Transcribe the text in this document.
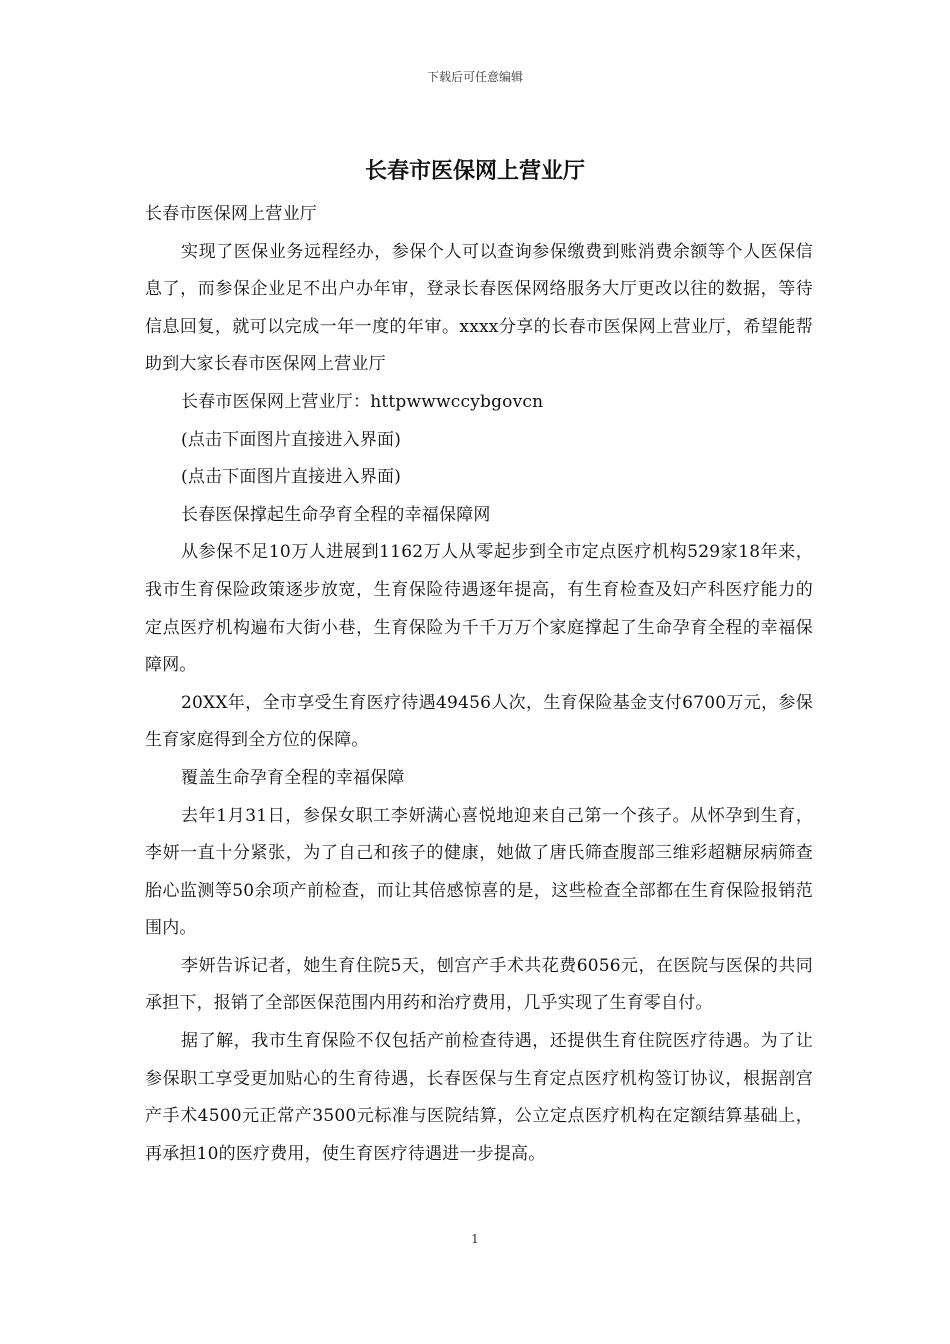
下载后可任意编辑
长春市医保网上营业厅

长春市医保网上营业厅

实现了医保业务远程经办，参保个人可以查询参保缴费到账消费余额等个人医保信息了，而参保企业足不出户办年审，登录长春医保网络服务大厅更改以往的数据，等待信息回复，就可以完成一年一度的年审。xxxx分享的长春市医保网上营业厅，希望能帮助到大家长春市医保网上营业厅

长春市医保网上营业厅：httpwwwccybgovcn

(点击下面图片直接进入界面)

(点击下面图片直接进入界面)

长春医保撑起生命孕育全程的幸福保障网

从参保不足10万人进展到1162万人从零起步到全市定点医疗机构529家18年来，我市生育保险政策逐步放宽，生育保险待遇逐年提高，有生育检查及妇产科医疗能力的定点医疗机构遍布大街小巷，生育保险为千千万万个家庭撑起了生命孕育全程的幸福保障网。

20XX年，全市享受生育医疗待遇49456人次，生育保险基金支付6700万元，参保生育家庭得到全方位的保障。

覆盖生命孕育全程的幸福保障

去年1月31日，参保女职工李妍满心喜悦地迎来自己第一个孩子。从怀孕到生育，李妍一直十分紧张，为了自己和孩子的健康，她做了唐氏筛查腹部三维彩超糖尿病筛查胎心监测等50余项产前检查，而让其倍感惊喜的是，这些检查全部都在生育保险报销范围内。

李妍告诉记者，她生育住院5天，刨宫产手术共花费6056元，在医院与医保的共同承担下，报销了全部医保范围内用药和治疗费用，几乎实现了生育零自付。

据了解，我市生育保险不仅包括产前检查待遇，还提供生育住院医疗待遇。为了让参保职工享受更加贴心的生育待遇，长春医保与生育定点医疗机构签订协议，根据剖宫产手术4500元正常产3500元标准与医院结算，公立定点医疗机构在定额结算基础上，再承担10的医疗费用，使生育医疗待遇进一步提高。

1
